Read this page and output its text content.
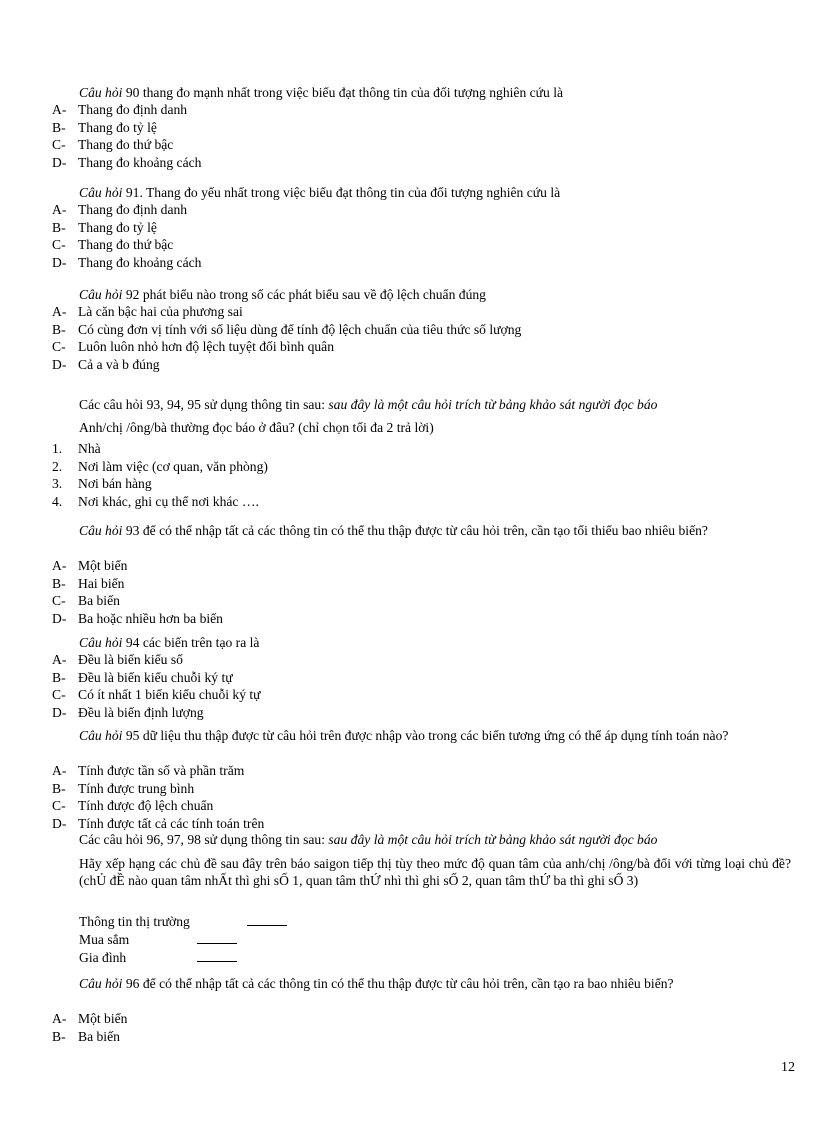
Câu hỏi 90 thang đo mạnh nhất trong việc biểu đạt thông tin của đối tượng nghiên cứu là
A- Thang đo định danh
B- Thang đo tỷ lệ
C- Thang đo thứ bậc
D- Thang đo khoảng cách
Câu hỏi 91. Thang đo yếu nhất trong việc biểu đạt thông tin của đối tượng nghiên cứu là
A- Thang đo định danh
B- Thang đo tỷ lệ
C- Thang đo thứ bậc
D- Thang đo khoảng cách
Câu hỏi 92 phát biểu nào trong số các phát biểu sau về độ lệch chuẩn đúng
A- Là căn bậc hai của phương sai
B- Có cùng đơn vị tính với số liệu dùng để tính độ lệch chuẩn của tiêu thức số lượng
C- Luôn luôn nhỏ hơn độ lệch tuyệt đối bình quân
D- Cả a và b đúng
Các câu hỏi 93, 94, 95 sử dụng thông tin sau: sau đây là một câu hỏi trích từ bảng khảo sát người đọc báo
Anh/chị /ông/bà thường đọc báo ở đâu? (chỉ chọn tối đa 2 trả lời)
1.	Nhà
2.	Nơi làm việc (cơ quan, văn phòng)
3.	Nơi bán hàng
4.	Nơi khác, ghi cụ thể nơi khác ….
Câu hỏi 93 để có thể nhập tất cả các thông tin có thể thu thập được từ câu hỏi trên, cần tạo tối thiểu bao nhiêu biến?
A- Một biến
B- Hai biến
C- Ba biến
D- Ba hoặc nhiều hơn ba biến
Câu hỏi 94 các biến trên tạo ra là
A- Đều là biến kiểu số
B- Đều là biến kiểu chuỗi ký tự
C- Có ít nhất 1 biến kiểu chuỗi ký tự
D- Đều là biến định lượng
Câu hỏi 95 dữ liệu thu thập được từ câu hỏi trên được nhập vào trong các biến tương ứng có thể áp dụng tính toán nào?
A- Tính được tần số và phần trăm
B- Tính được trung bình
C- Tính được độ lệch chuẩn
D- Tính được tất cả các tính toán trên
Các câu hỏi 96, 97, 98 sử dụng thông tin sau: sau đây là một câu hỏi trích từ bảng khảo sát người đọc báo
Hãy xếp hạng các chủ đề sau đây trên báo saigon tiếp thị tùy theo mức độ quan tâm của anh/chị /ông/bà đối với từng loại chủ đề? (chỦ đỀ nào quan tâm nhẤt thì ghi sỐ 1, quan tâm thỨ nhì thì ghi sỐ 2, quan tâm thỨ ba thì ghi sỐ 3)
Thông tin thị trường
Mua sắm
Gia đình
Câu hỏi 96 để có thể nhập tất cả các thông tin có thể thu thập được từ câu hỏi trên, cần tạo ra bao nhiêu biến?
A- Một biến
B- Ba biến
12
